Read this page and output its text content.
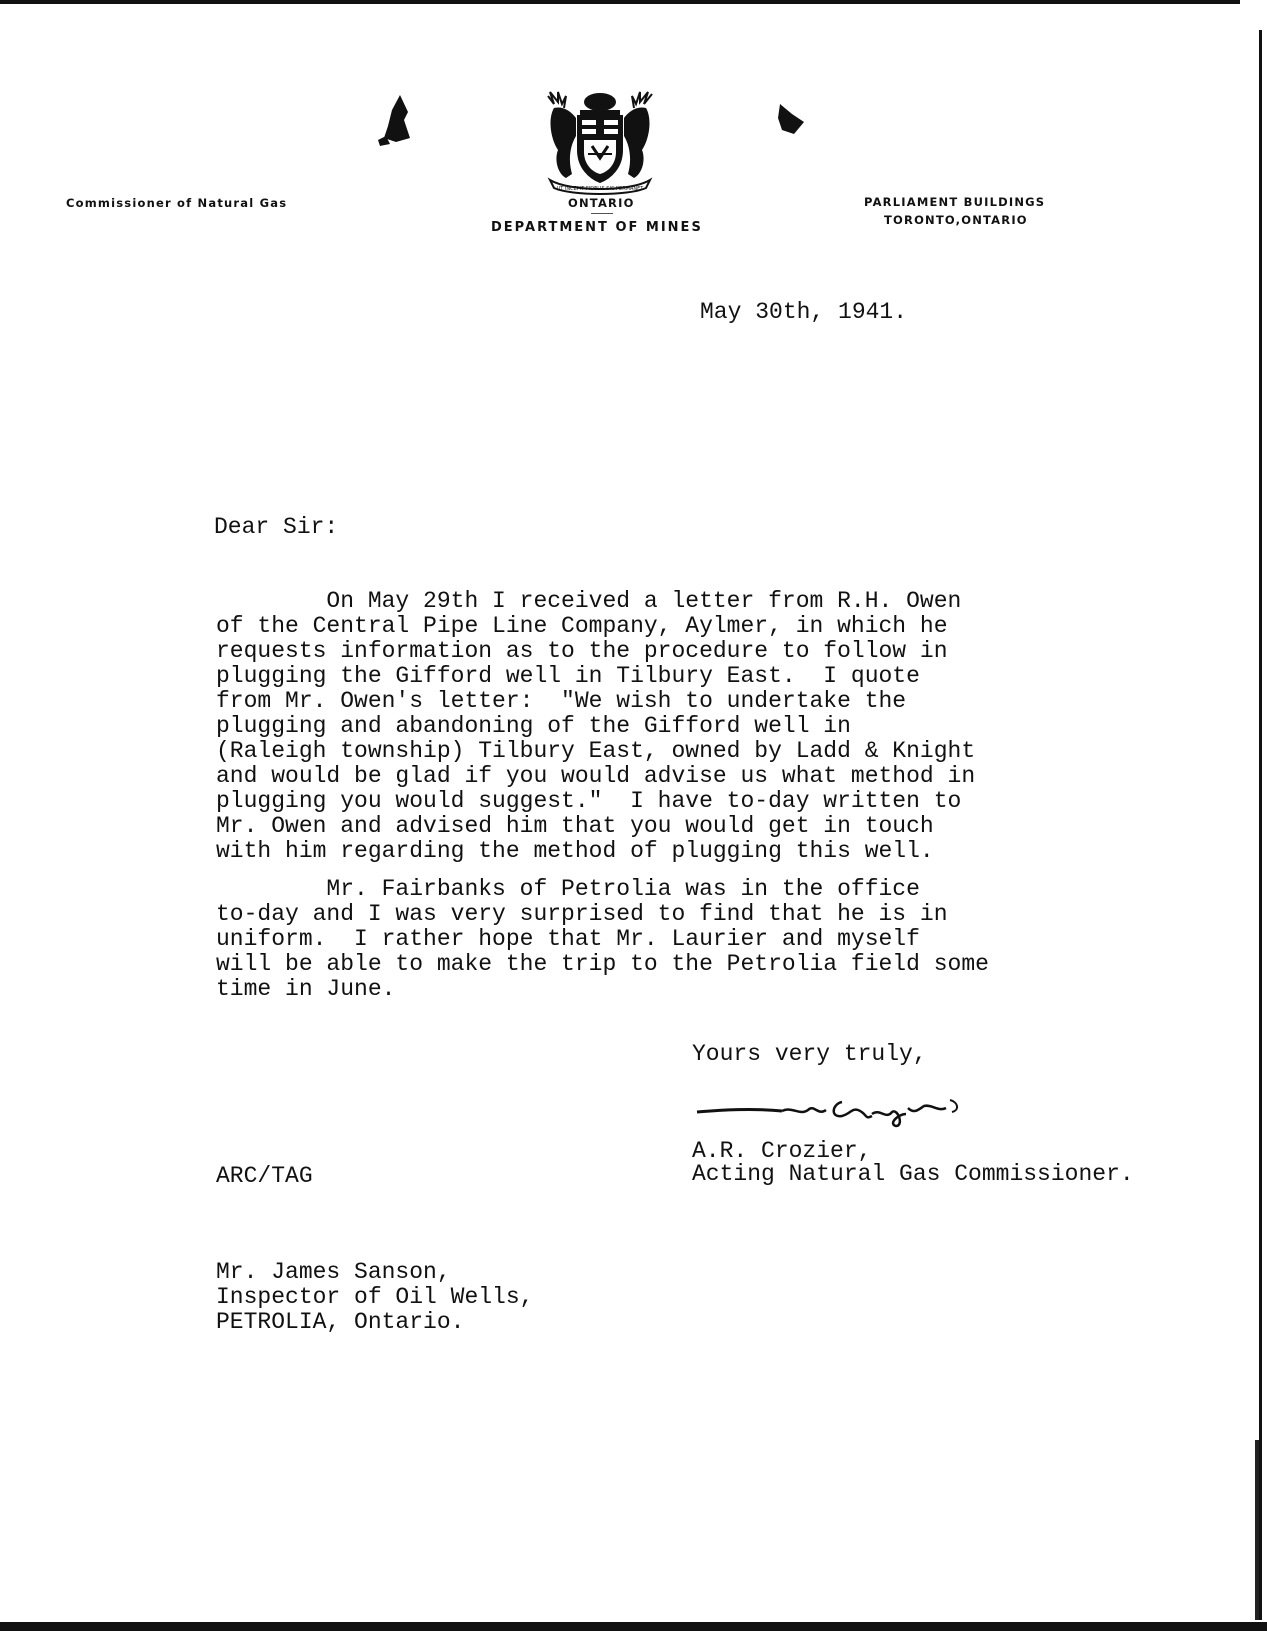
UT INCEPIT FIDELIS SIC PERMANET
Commissioner of Natural Gas	ONTARIO
DEPARTMENT OF MINES
PARLIAMENT BUILDINGS
TORONTO,ONTARIO
May 30th, 1941.
Dear Sir:
On May 29th I received a letter from R.H. Owen
of the Central Pipe Line Company, Aylmer, in which he
requests information as to the procedure to follow in
plugging the Gifford well in Tilbury East.  I quote
from Mr. Owen's letter:  "We wish to undertake the
plugging and abandoning of the Gifford well in
(Raleigh township) Tilbury East, owned by Ladd & Knight
and would be glad if you would advise us what method in
plugging you would suggest."  I have to-day written to
Mr. Owen and advised him that you would get in touch
with him regarding the method of plugging this well.
Mr. Fairbanks of Petrolia was in the office
to-day and I was very surprised to find that he is in
uniform.  I rather hope that Mr. Laurier and myself
will be able to make the trip to the Petrolia field some
time in June.
Yours very truly,
A.R. Crozier,
ARC/TAG	Acting Natural Gas Commissioner.
Mr. James Sanson,
Inspector of Oil Wells,
PETROLIA, Ontario.
